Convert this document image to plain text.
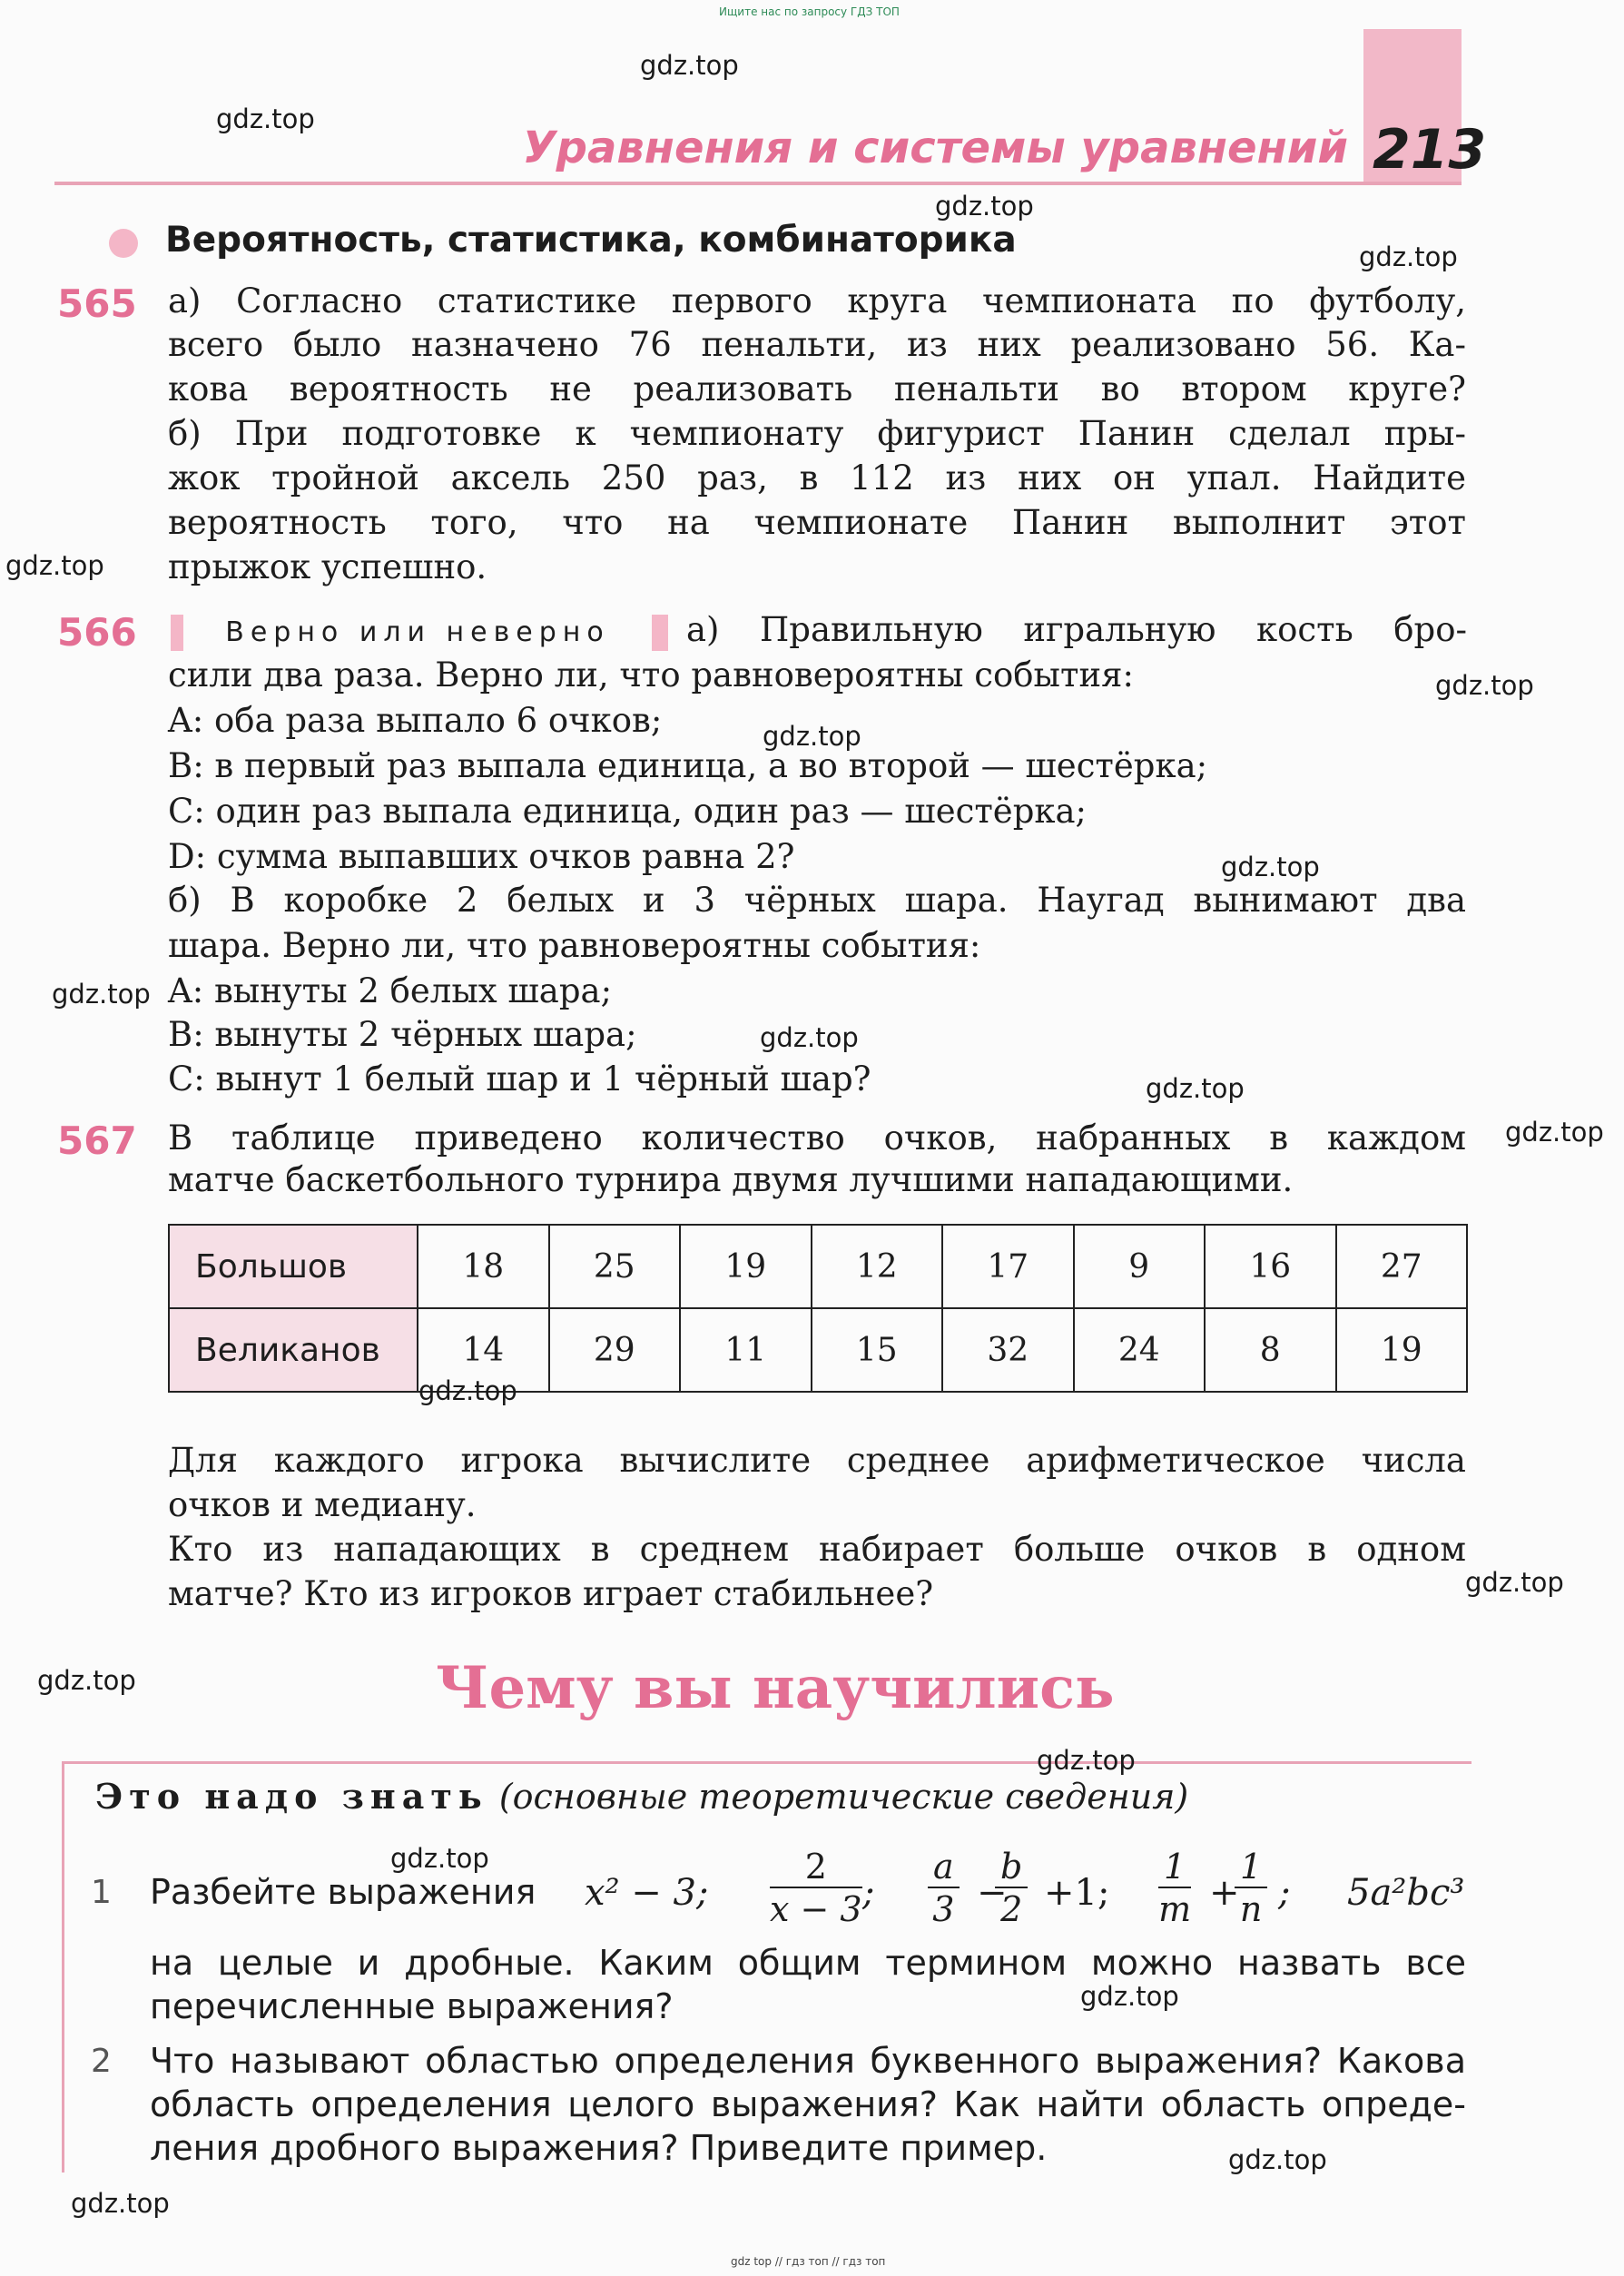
Ищите нас по запросу ГДЗ ТОП
gdz top // гдз топ // гдз топ
Уравнения и системы уравнений 213
Вероятность, статистика, комбинаторика
565 а) Согласно статистике первого круга чемпионата по футболу,
всего было назначено 76 пенальти, из них реализовано 56. Ка-
кова вероятность не реализовать пенальти во втором круге?
б) При подготовке к чемпионату фигурист Панин сделал пры-
жок тройной аксель 250 раз, в 112 из них он упал. Найдите
вероятность того, что на чемпионате Панин выполнит этот
прыжок успешно.
566	Верно или неверно	а) Правильную игральную кость бро-
сили два раза. Верно ли, что равновероятны события:
A: оба раза выпало 6 очков;
B: в первый раз выпала единица, а во второй — шестёрка;
C: один раз выпала единица, один раз — шестёрка;
D: сумма выпавших очков равна 2?
б) В коробке 2 белых и 3 чёрных шара. Наугад вынимают два
шара. Верно ли, что равновероятны события:
A: вынуты 2 белых шара;
B: вынуты 2 чёрных шара;
C: вынут 1 белый шар и 1 чёрный шар?
567 В таблице приведено количество очков, набранных в каждом
матче баскетбольного турнира двумя лучшими нападающими.
Большов	18	25	19	12	17	9	16	27
Великанов	14	29	11	15	32	24	8	19
Для каждого игрока вычислите среднее арифметическое числа
очков и медиану.
Кто из нападающих в среднем набирает больше очков в одном
матче? Кто из игроков играет стабильнее?
Чему вы научились
Это надо знать (основные теоретические сведения)
1 Разбейте выражения x² − 3; $\frac{2}{x - 3}$ ; $\frac{a}{3}$ −
$\frac{b}{2} +1$; $\frac{1}{m}$ +
$\frac{1}{n}$ ; 5a²bc³
на целые и дробные. Каким общим термином можно назвать все
перечисленные выражения?
2 Что называют областью определения буквенного выражения? Какова
область определения целого выражения? Как найти область опреде-
ления дробного выражения? Приведите пример.
gdz.top
gdz.top
gdz.top
gdz.top
gdz.top
gdz.top
gdz.top
gdz.top
gdz.top
gdz.top
gdz.top
gdz.top
gdz.top
gdz.top
gdz.top
gdz.top
gdz.top
gdz.top
gdz.top
gdz.top
